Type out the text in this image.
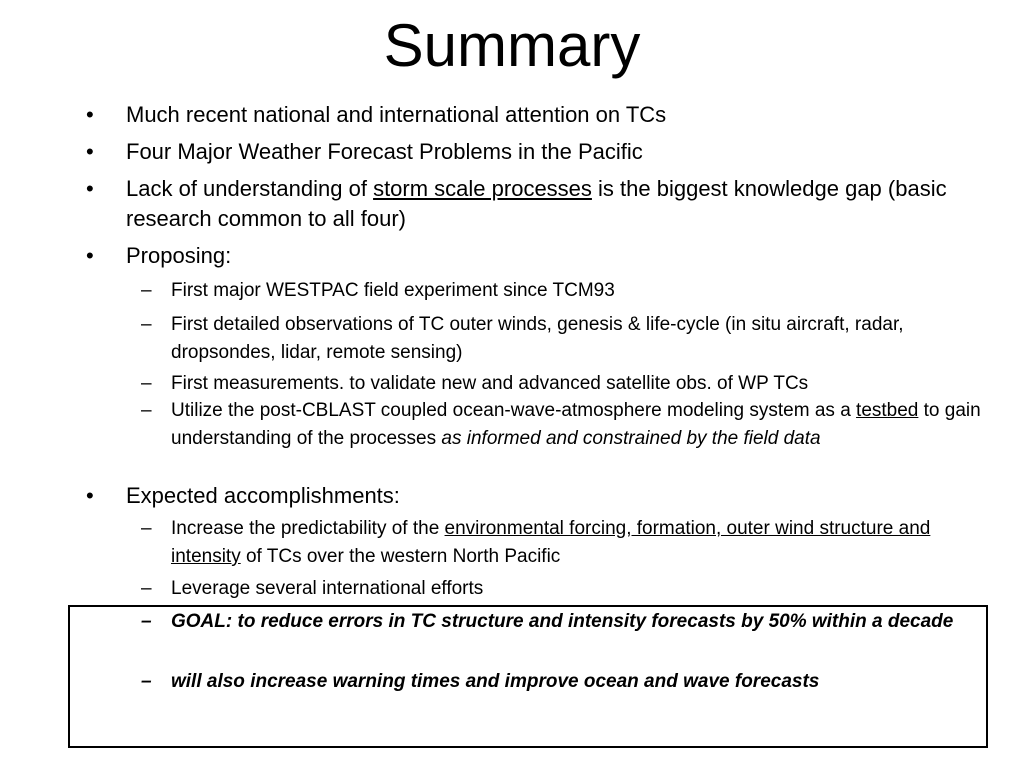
Summary
• Much recent national and international attention on TCs
• Four Major Weather Forecast Problems in the Pacific
• Lack of understanding of storm scale processes is the biggest knowledge gap (basic research common to all four)
• Proposing:
– First major WESTPAC field experiment since TCM93
– First detailed observations of TC outer winds, genesis & life-cycle (in situ aircraft, radar, dropsondes, lidar, remote sensing)
– First measurements. to validate new and advanced satellite obs. of WP TCs
– Utilize the post-CBLAST coupled ocean-wave-atmosphere modeling system as a testbed to gain understanding of the processes as informed and constrained by the field data
• Expected accomplishments:
– Increase the predictability of the environmental forcing, formation, outer wind structure and intensity of TCs over the western North Pacific
– Leverage several international efforts
– GOAL: to reduce errors in TC structure and intensity forecasts by 50% within a decade
– will also increase warning times and improve ocean and wave forecasts
